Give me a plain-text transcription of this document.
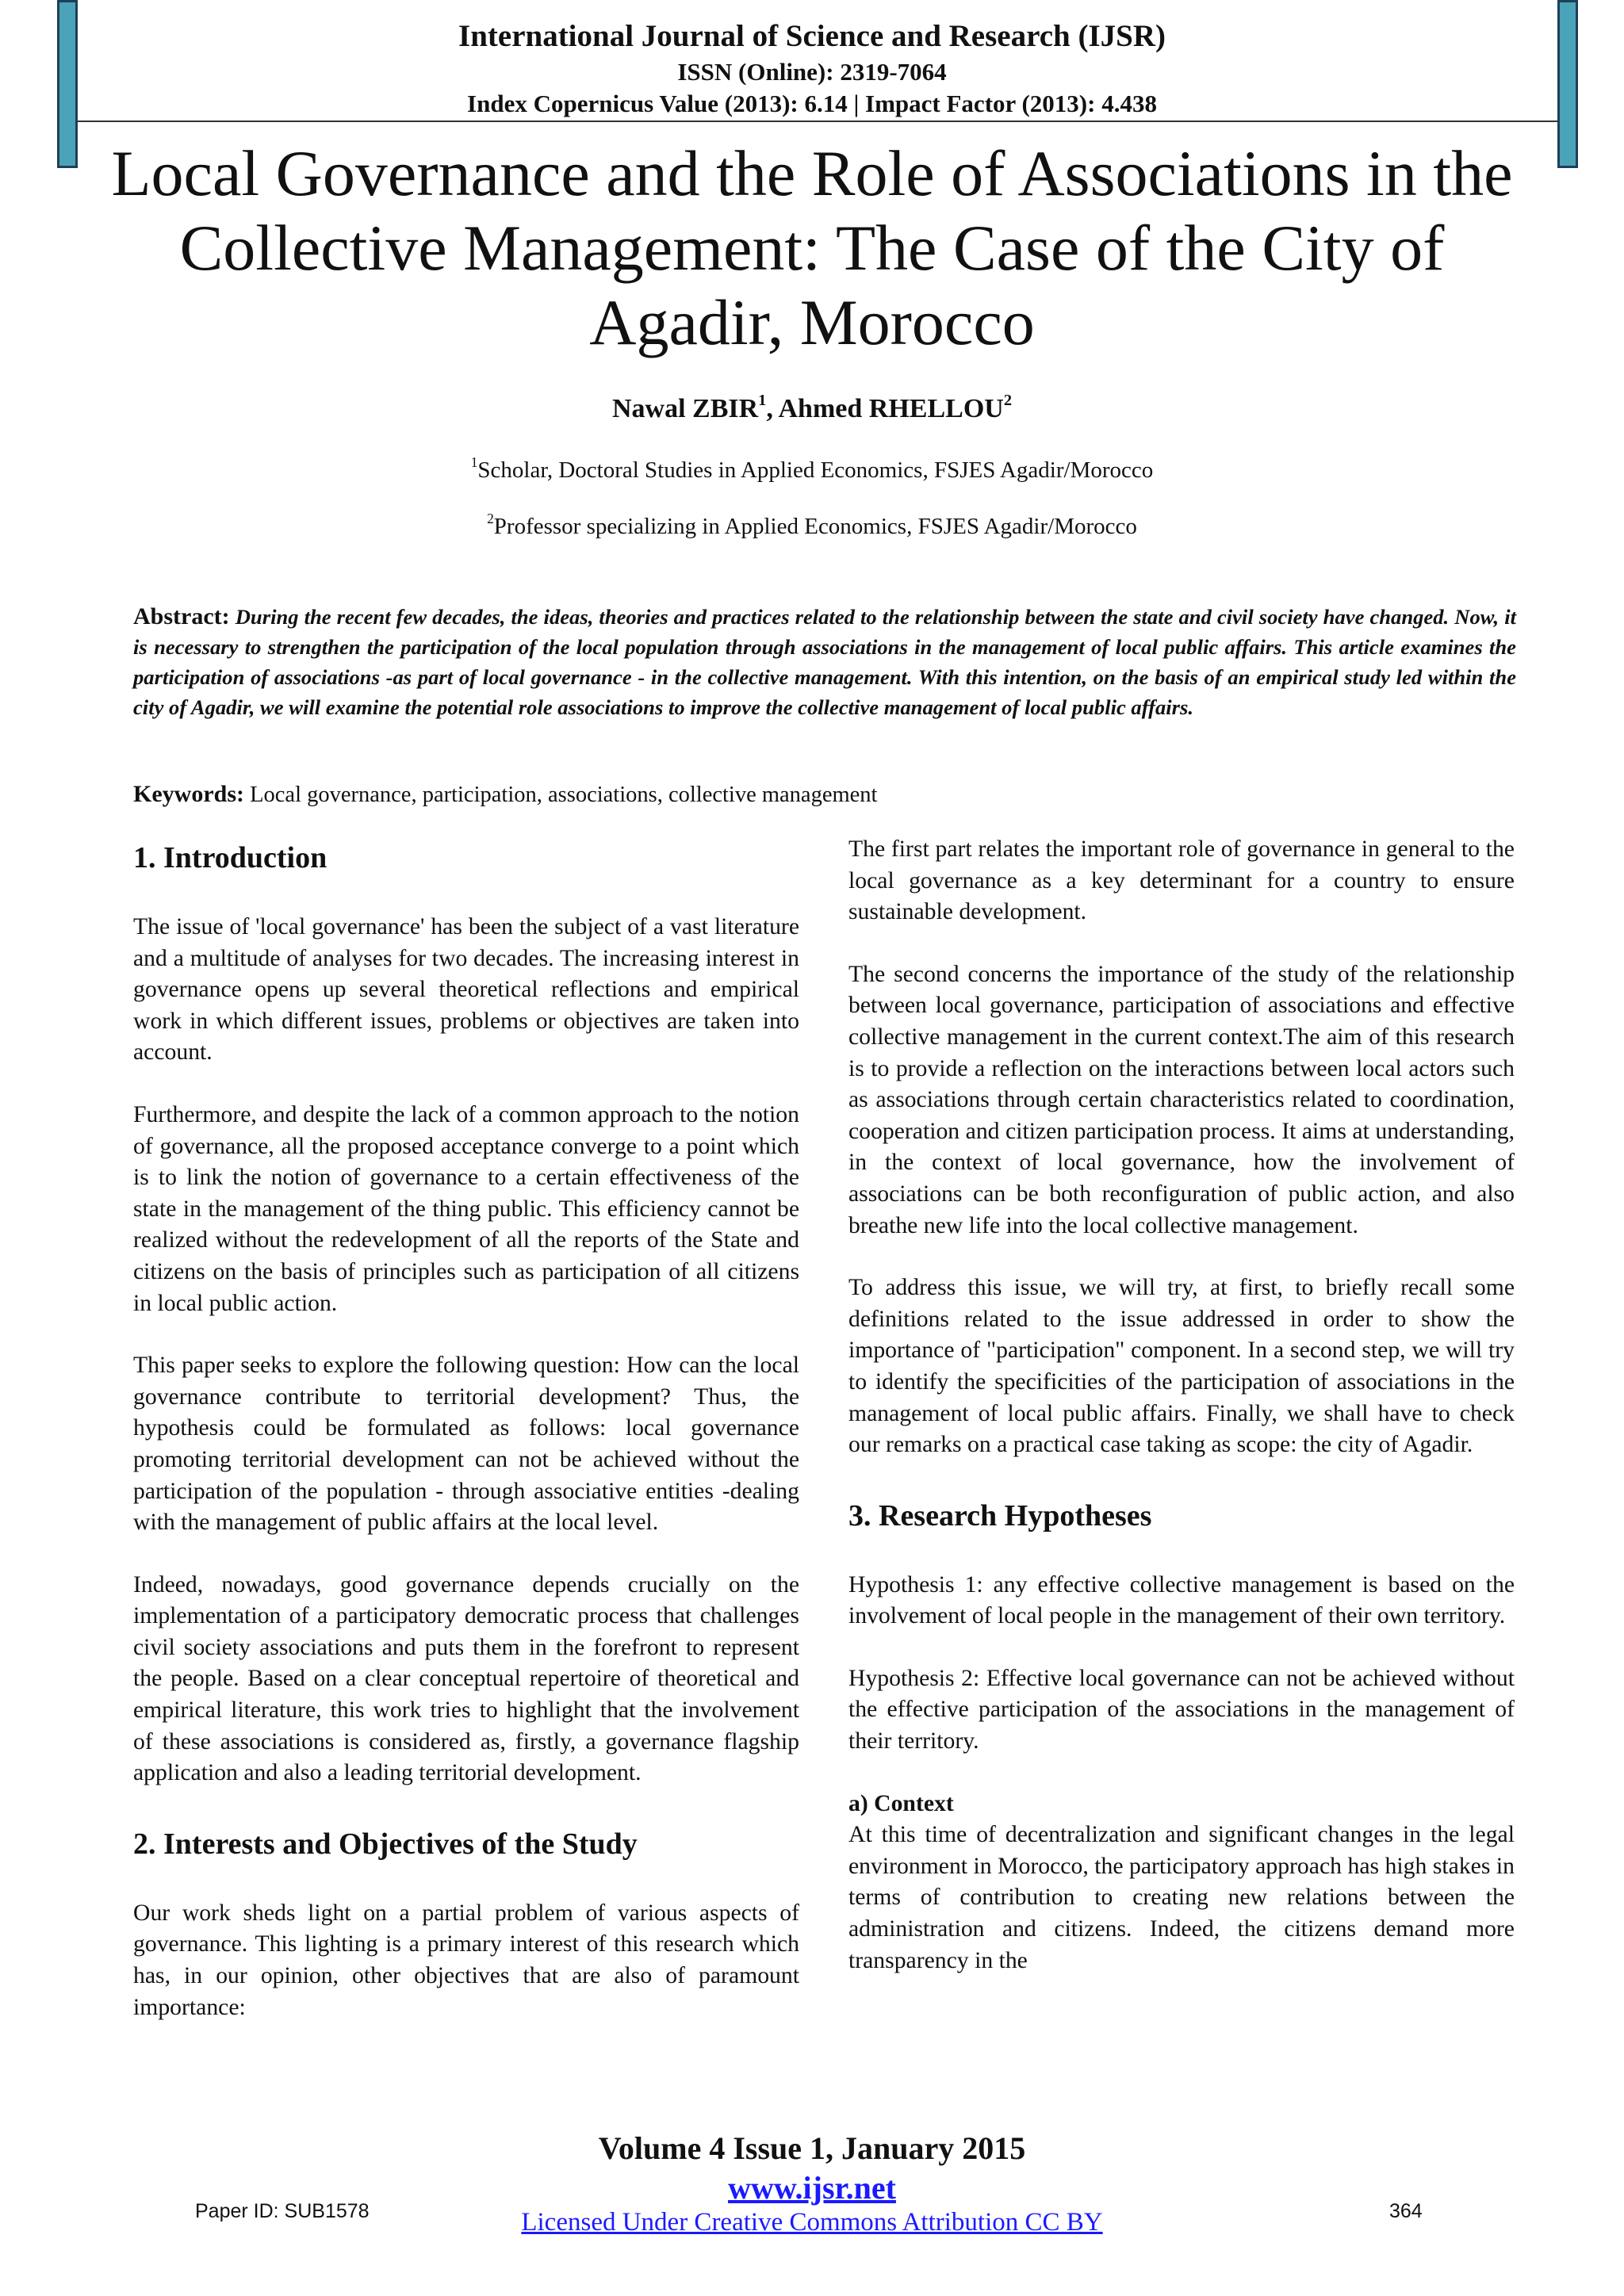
International Journal of Science and Research (IJSR)
ISSN (Online): 2319-7064
Index Copernicus Value (2013): 6.14 | Impact Factor (2013): 4.438
Local Governance and the Role of Associations in the Collective Management: The Case of the City of Agadir, Morocco
Nawal ZBIR$^1$, Ahmed RHELLOU$^2$
$^1$Scholar, Doctoral Studies in Applied Economics, FSJES Agadir/Morocco
$^2$Professor specializing in Applied Economics, FSJES Agadir/Morocco
Abstract: During the recent few decades, the ideas, theories and practices related to the relationship between the state and civil society have changed. Now, it is necessary to strengthen the participation of the local population through associations in the management of local public affairs. This article examines the participation of associations -as part of local governance - in the collective management. With this intention, on the basis of an empirical study led within the city of Agadir, we will examine the potential role associations to improve the collective management of local public affairs.
Keywords: Local governance, participation, associations, collective management
1. Introduction

The issue of 'local governance' has been the subject of a vast literature and a multitude of analyses for two decades. The increasing interest in governance opens up several theoretical reflections and empirical work in which different issues, problems or objectives are taken into account.

Furthermore, and despite the lack of a common approach to the notion of governance, all the proposed acceptance converge to a point which is to link the notion of governance to a certain effectiveness of the state in the management of the thing public. This efficiency cannot be realized without the redevelopment of all the reports of the State and citizens on the basis of principles such as participation of all citizens in local public action.

This paper seeks to explore the following question: How can the local governance contribute to territorial development? Thus, the hypothesis could be formulated as follows: local governance promoting territorial development can not be achieved without the participation of the population - through associative entities -dealing with the management of public affairs at the local level.

Indeed, nowadays, good governance depends crucially on the implementation of a participatory democratic process that challenges civil society associations and puts them in the forefront to represent the people. Based on a clear conceptual repertoire of theoretical and empirical literature, this work tries to highlight that the involvement of these associations is considered as, firstly, a governance flagship application and also a leading territorial development.

2. Interests and Objectives of the Study

Our work sheds light on a partial problem of various aspects of governance. This lighting is a primary interest of this research which has, in our opinion, other objectives that are also of paramount importance:

The first part relates the important role of governance in general to the local governance as a key determinant for a country to ensure sustainable development.

The second concerns the importance of the study of the relationship between local governance, participation of associations and effective collective management in the current context.The aim of this research is to provide a reflection on the interactions between local actors such as associations through certain characteristics related to coordination, cooperation and citizen participation process. It aims at understanding, in the context of local governance, how the involvement of associations can be both reconfiguration of public action, and also breathe new life into the local collective management.

To address this issue, we will try, at first, to briefly recall some definitions related to the issue addressed in order to show the importance of "participation" component. In a second step, we will try to identify the specificities of the participation of associations in the management of local public affairs. Finally, we shall have to check our remarks on a practical case taking as scope: the city of Agadir.

3. Research Hypotheses

Hypothesis 1: any effective collective management is based on the involvement of local people in the management of their own territory.

Hypothesis 2: Effective local governance can not be achieved without the effective participation of the associations in the management of their territory.

a) Context

At this time of decentralization and significant changes in the legal environment in Morocco, the participatory approach has high stakes in terms of contribution to creating new relations between the administration and citizens. Indeed, the citizens demand more transparency in the

Volume 4 Issue 1, January 2015
www.ijsr.net
Licensed Under Creative Commons Attribution CC BY
Paper ID: SUB1578	364
